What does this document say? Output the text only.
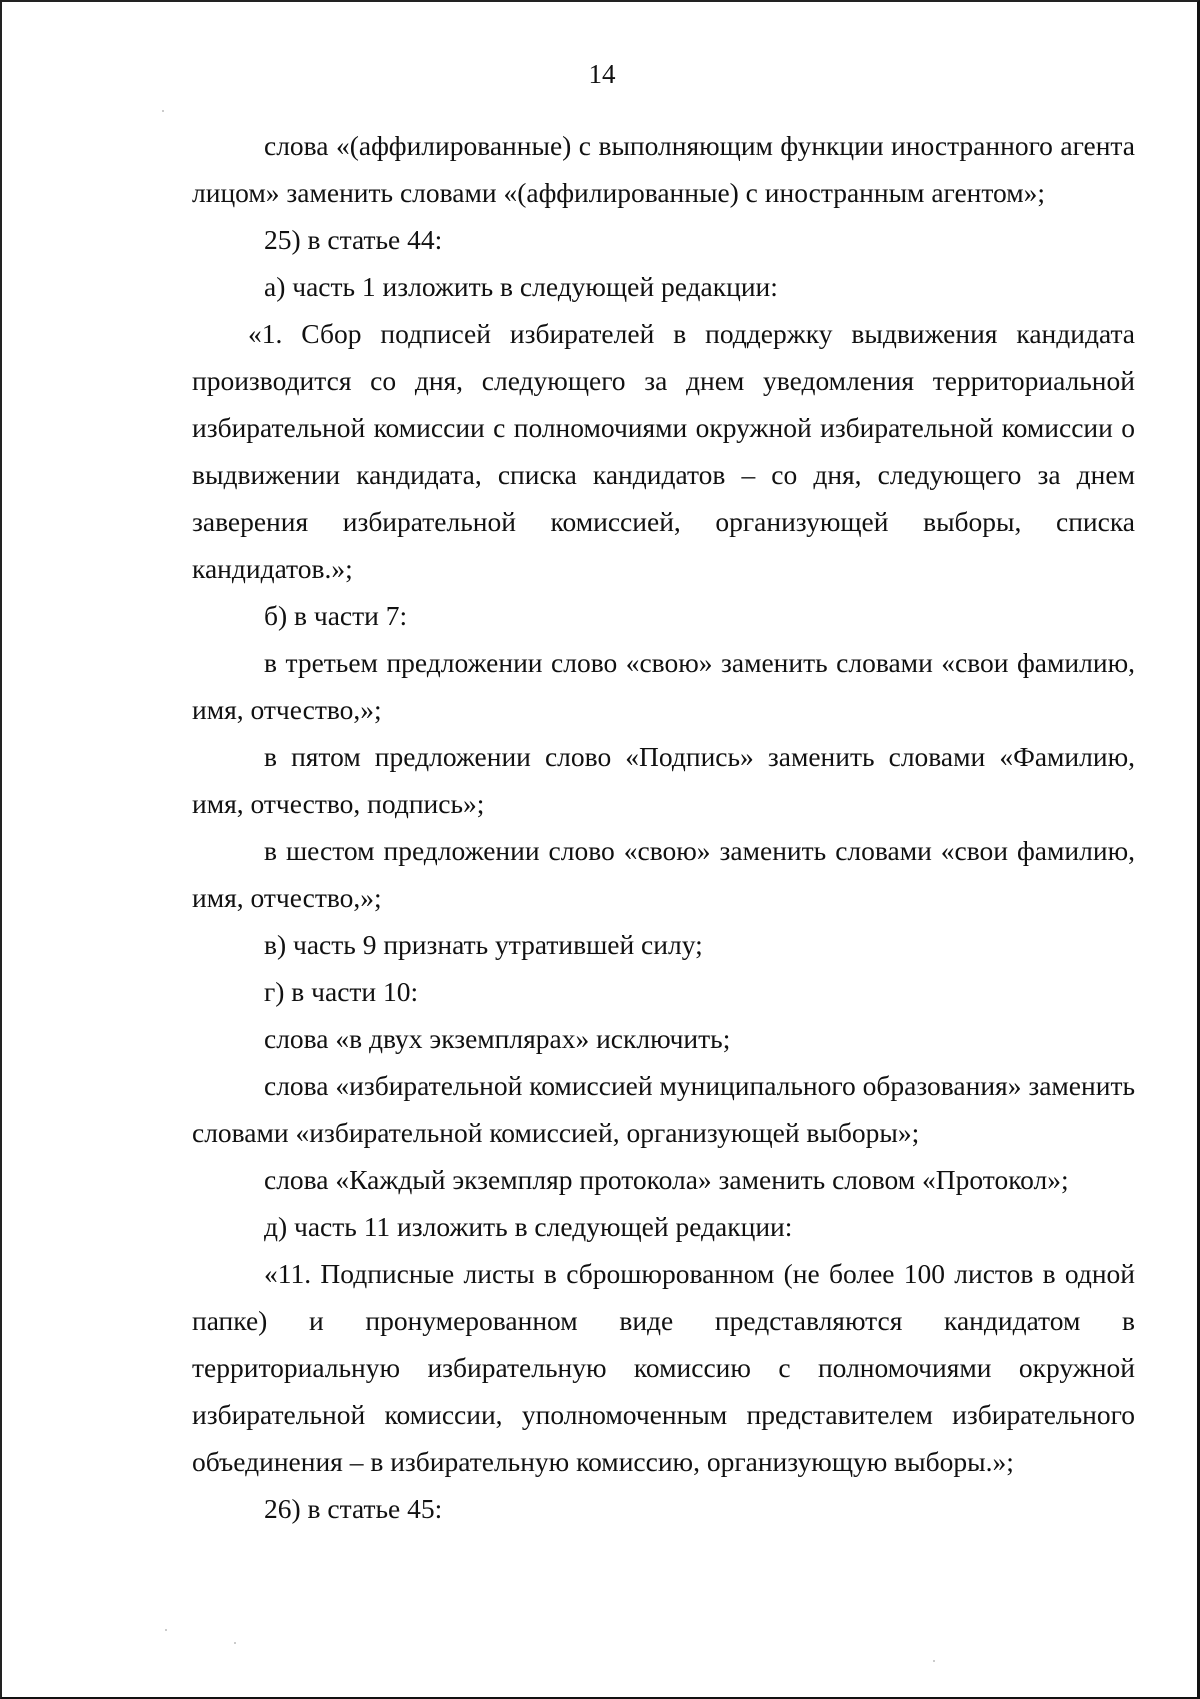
14

слова «(аффилированные) с выполняющим функции иностранного агента лицом» заменить словами «(аффилированные) с иностранным агентом»;

25) в статье 44:

а) часть 1 изложить в следующей редакции:

«1. Сбор подписей избирателей в поддержку выдвижения кандидата производится со дня, следующего за днем уведомления территориальной избирательной комиссии с полномочиями окружной избирательной комиссии о выдвижении кандидата, списка кандидатов – со дня, следующего за днем заверения избирательной комиссией, организующей выборы, списка кандидатов.»;

б) в части 7:

в третьем предложении слово «свою» заменить словами «свои фамилию, имя, отчество,»;

в пятом предложении слово «Подпись» заменить словами «Фамилию, имя, отчество, подпись»;

в шестом предложении слово «свою» заменить словами «свои фамилию, имя, отчество,»;

в) часть 9 признать утратившей силу;

г) в части 10:

слова «в двух экземплярах» исключить;

слова «избирательной комиссией муниципального образования» заменить словами «избирательной комиссией, организующей выборы»;

слова «Каждый экземпляр протокола» заменить словом «Протокол»;

д) часть 11 изложить в следующей редакции:

«11. Подписные листы в сброшюрованном (не более 100 листов в одной папке) и пронумерованном виде представляются кандидатом в территориальную избирательную комиссию с полномочиями окружной избирательной комиссии, уполномоченным представителем избирательного объединения – в избирательную комиссию, организующую выборы.»;

26) в статье 45:
